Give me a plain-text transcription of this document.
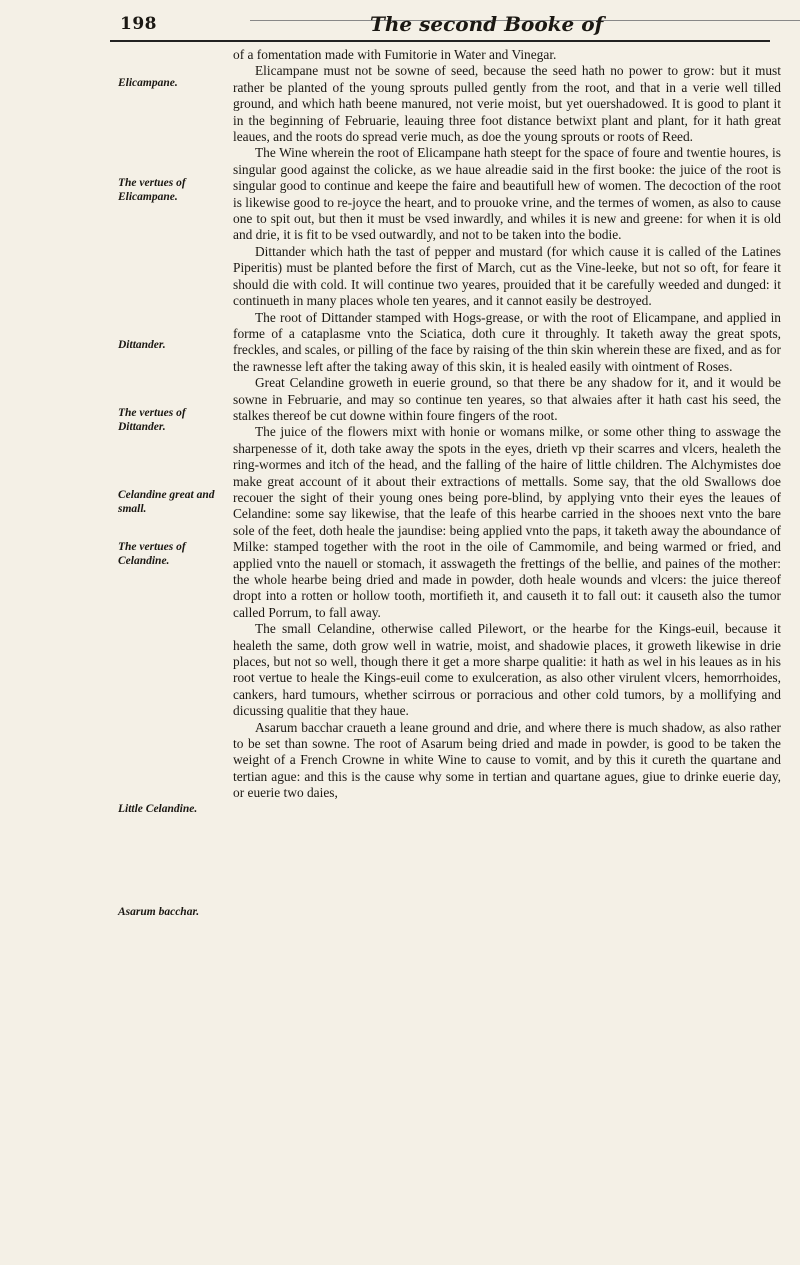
198	The second Booke of
Elicampane.
The vertues of Elicampane.
Dittander.
The vertues of Dittander.
Celandine great and small.
The vertues of Celandine.
Little Celandine.
Asarum bacchar.

of a fomentation made with Fumitorie in Water and Vinegar.

Elicampane must not be sowne of seed, because the seed hath no power to grow: but it must rather be planted of the young sprouts pulled gently from the root, and that in a verie well tilled ground, and which hath beene manured, not verie moist, but yet ouershadowed. It is good to plant it in the beginning of Februarie, leauing three foot distance betwixt plant and plant, for it hath great leaues, and the roots do spread verie much, as doe the young sprouts or roots of Reed.

The Wine wherein the root of Elicampane hath steept for the space of foure and twentie houres, is singular good against the colicke, as we haue alreadie said in the first booke: the juice of the root is singular good to continue and keepe the faire and beautifull hew of women. The decoction of the root is likewise good to re-joyce the heart, and to prouoke vrine, and the termes of women, as also to cause one to spit out, but then it must be vsed inwardly, and whiles it is new and greene: for when it is old and drie, it is fit to be vsed outwardly, and not to be taken into the bodie.

Dittander which hath the tast of pepper and mustard (for which cause it is called of the Latines Piperitis) must be planted before the first of March, cut as the Vine-leeke, but not so oft, for feare it should die with cold. It will continue two yeares, prouided that it be carefully weeded and dunged: it continueth in many places whole ten yeares, and it cannot easily be destroyed.

The root of Dittander stamped with Hogs-grease, or with the root of Elicampane, and applied in forme of a cataplasme vnto the Sciatica, doth cure it throughly. It taketh away the great spots, freckles, and scales, or pilling of the face by raising of the thin skin wherein these are fixed, and as for the rawnesse left after the taking away of this skin, it is healed easily with ointment of Roses.

Great Celandine groweth in euerie ground, so that there be any shadow for it, and it would be sowne in Februarie, and may so continue ten yeares, so that alwaies after it hath cast his seed, the stalkes thereof be cut downe within foure fingers of the root.

The juice of the flowers mixt with honie or womans milke, or some other thing to asswage the sharpenesse of it, doth take away the spots in the eyes, drieth vp their scarres and vlcers, healeth the ring-wormes and itch of the head, and the falling of the haire of little children. The Alchymistes doe make great account of it about their extractions of mettalls. Some say, that the old Swallows doe recouer the sight of their young ones being pore-blind, by applying vnto their eyes the leaues of Celandine: some say likewise, that the leafe of this hearbe carried in the shooes next vnto the bare sole of the feet, doth heale the jaundise: being applied vnto the paps, it taketh away the aboundance of Milke: stamped together with the root in the oile of Cammomile, and being warmed or fried, and applied vnto the nauell or stomach, it asswageth the frettings of the bellie, and paines of the mother: the whole hearbe being dried and made in powder, doth heale wounds and vlcers: the juice thereof dropt into a rotten or hollow tooth, mortifieth it, and causeth it to fall out: it causeth also the tumor called Porrum, to fall away.

The small Celandine, otherwise called Pilewort, or the hearbe for the Kings-euil, because it healeth the same, doth grow well in watrie, moist, and shadowie places, it groweth likewise in drie places, but not so well, though there it get a more sharpe qualitie: it hath as wel in his leaues as in his root vertue to heale the Kings-euil come to exulceration, as also other virulent vlcers, hemorrhoides, cankers, hard tumours, whether scirrous or porracious and other cold tumors, by a mollifying and dicussing qualitie that they haue.

Asarum bacchar craueth a leane ground and drie, and where there is much shadow, as also rather to be set than sowne. The root of Asarum being dried and made in powder, is good to be taken the weight of a French Crowne in white Wine to cause to vomit, and by this it cureth the quartane and tertian ague: and this is the cause why some in tertian and quartane agues, giue to drinke euerie day, or euerie two daies,
